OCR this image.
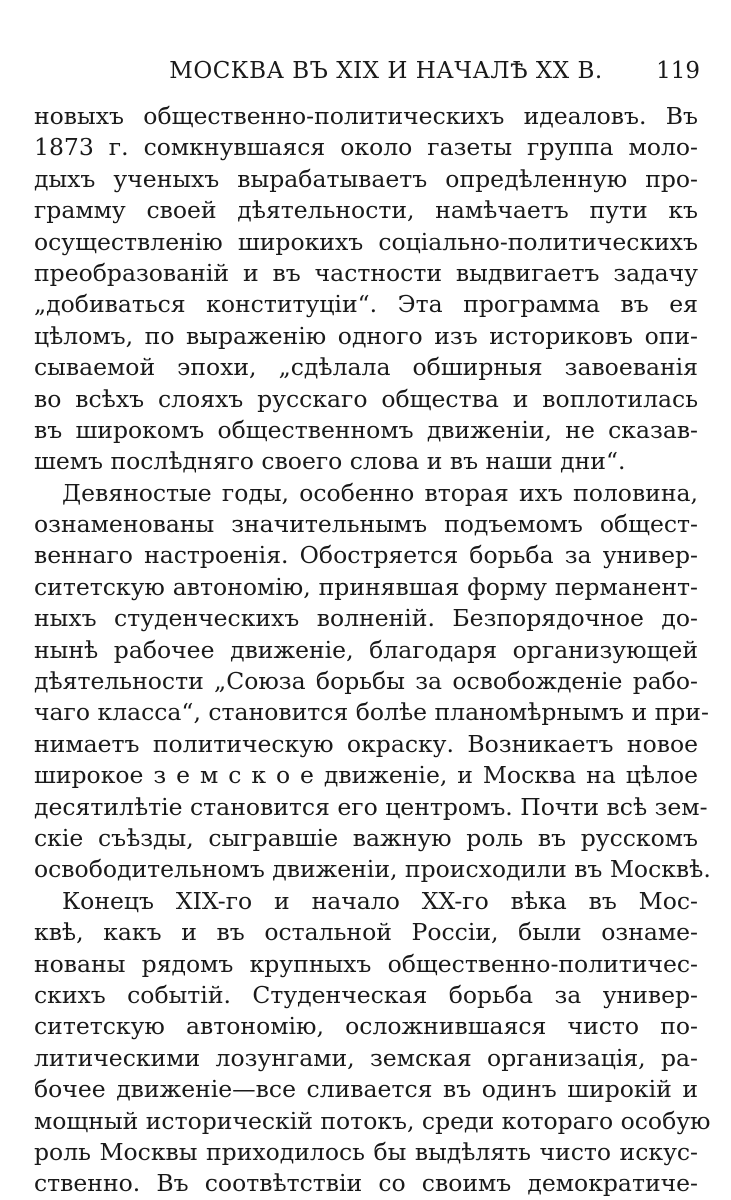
МОСКВА ВЪ XIX И НАЧАЛѢ XX В.	119
новыхъ общественно-политическихъ идеаловъ. Въ
1873 г. сомкнувшаяся около газеты группа моло-
дыхъ ученыхъ вырабатываетъ опредѣленную про-
грамму своей дѣятельности, намѣчаетъ пути къ
осуществленію широкихъ соціально-политическихъ
преобразованій и въ частности выдвигаетъ задачу
„добиваться конституціи“. Эта программа въ ея
цѣломъ, по выраженію одного изъ историковъ опи-
сываемой эпохи, „сдѣлала обширныя завоеванія
во всѣхъ слояхъ русскаго общества и воплотилась
въ широкомъ общественномъ движеніи, не сказав-
шемъ послѣдняго своего слова и въ наши дни“.
Девяностые годы, особенно вторая ихъ половина,
ознаменованы значительнымъ подъемомъ общест-
веннаго настроенія. Обостряется борьба за универ-
ситетскую автономію, принявшая форму перманент-
ныхъ студенческихъ волненій. Безпорядочное до-
нынѣ рабочее движеніе, благодаря организующей
дѣятельности „Союза борьбы за освобожденіе рабо-
чаго класса“, становится болѣе планомѣрнымъ и при-
нимаетъ политическую окраску. Возникаетъ новое
широкое з е м с к о е движеніе, и Москва на цѣлое
десятилѣтіе становится его центромъ. Почти всѣ зем-
скіе съѣзды, сыгравшіе важную роль въ русскомъ
освободительномъ движеніи, происходили въ Москвѣ.
Конецъ XIX-го и начало XX-го вѣка въ Мос-
квѣ, какъ и въ остальной Россіи, были ознаме-
нованы рядомъ крупныхъ общественно-политичес-
скихъ событій. Студенческая борьба за универ-
ситетскую автономію, осложнившаяся чисто по-
литическими лозунгами, земская организація, ра-
бочее движеніе—все сливается въ одинъ широкій и
мощный историческій потокъ, среди котораго особую
роль Москвы приходилось бы выдѣлять чисто искус-
ственно. Въ соотвѣтствіи со своимъ демократиче-
